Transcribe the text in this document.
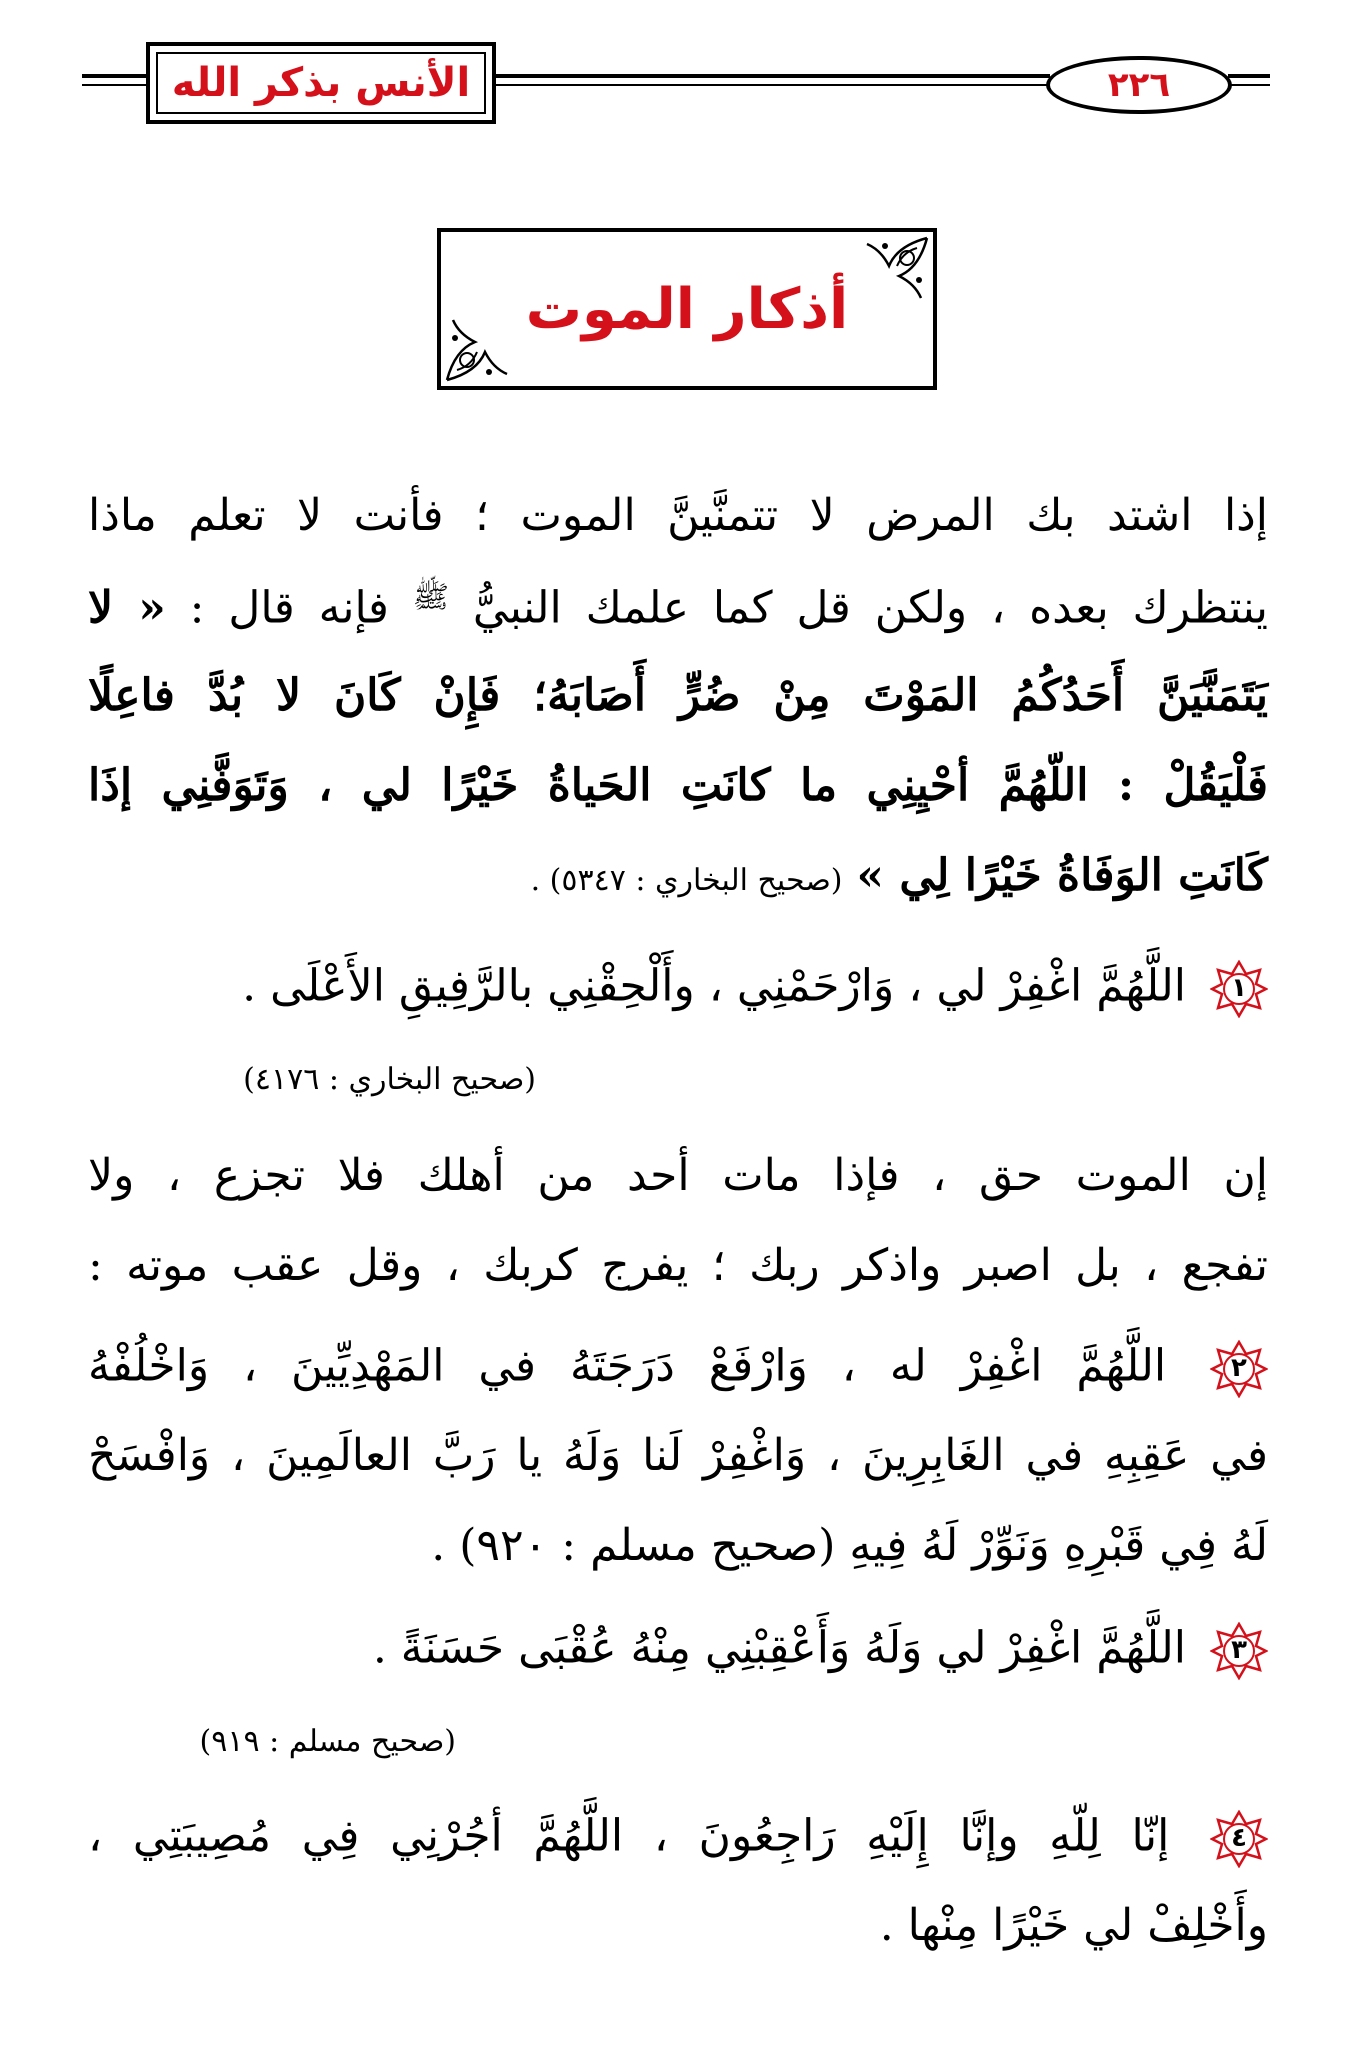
الأنس بذكر الله	٢٢٦
أذكار الموت
إذا اشتد بك المرض لا تتمنَّينَّ الموت ؛ فأنت لا تعلم ماذا
ينتظرك بعده ، ولكن قل كما علمك النبيُّ $^ﷺ$ فإنه قال : « لا
يَتَمَنَّيَنَّ أَحَدُكُمُ المَوْتَ مِنْ ضُرٍّ أَصَابَهُ؛ فَإِنْ كَانَ لا بُدَّ فاعِلًا
فَلْيَقُلْ : اللّهُمَّ أحْيِنِي ما كانَتِ الحَياةُ خَيْرًا لي ، وَتَوَفَّنِي إذَا
كَانَتِ الوَفَاةُ خَيْرًا لِي » (صحيح البخاري : ٥٣٤٧) .
١
اللَّهُمَّ اغْفِرْ لي ، وَارْحَمْنِي ، وأَلْحِقْنِي بالرَّفِيقِ الأَعْلَى .
(صحيح البخاري : ٤١٧٦)
إن الموت حق ، فإذا مات أحد من أهلك فلا تجزع ، ولا
تفجع ، بل اصبر واذكر ربك ؛ يفرج كربك ، وقل عقب موته :
٢
اللَّهُمَّ اغْفِرْ له ، وَارْفَعْ دَرَجَتَهُ في المَهْدِيِّينَ ، وَاخْلُفْهُ
في عَقِبِهِ في الغَابِرِينَ ، وَاغْفِرْ لَنا وَلَهُ يا رَبَّ العالَمِينَ ، وَافْسَحْ
لَهُ فِي قَبْرِهِ وَنَوِّرْ لَهُ فِيهِ (صحيح مسلم : ٩٢٠) .
٣
اللَّهُمَّ اغْفِرْ لي وَلَهُ وَأَعْقِبْنِي مِنْهُ عُقْبَى حَسَنَةً .
(صحيح مسلم : ٩١٩)
٤
إنّا لِلّهِ وإنَّا إِلَيْهِ رَاجِعُونَ ، اللَّهُمَّ أجُرْنِي فِي مُصِيبَتِي ،
وأَخْلِفْ لي خَيْرًا مِنْها .
